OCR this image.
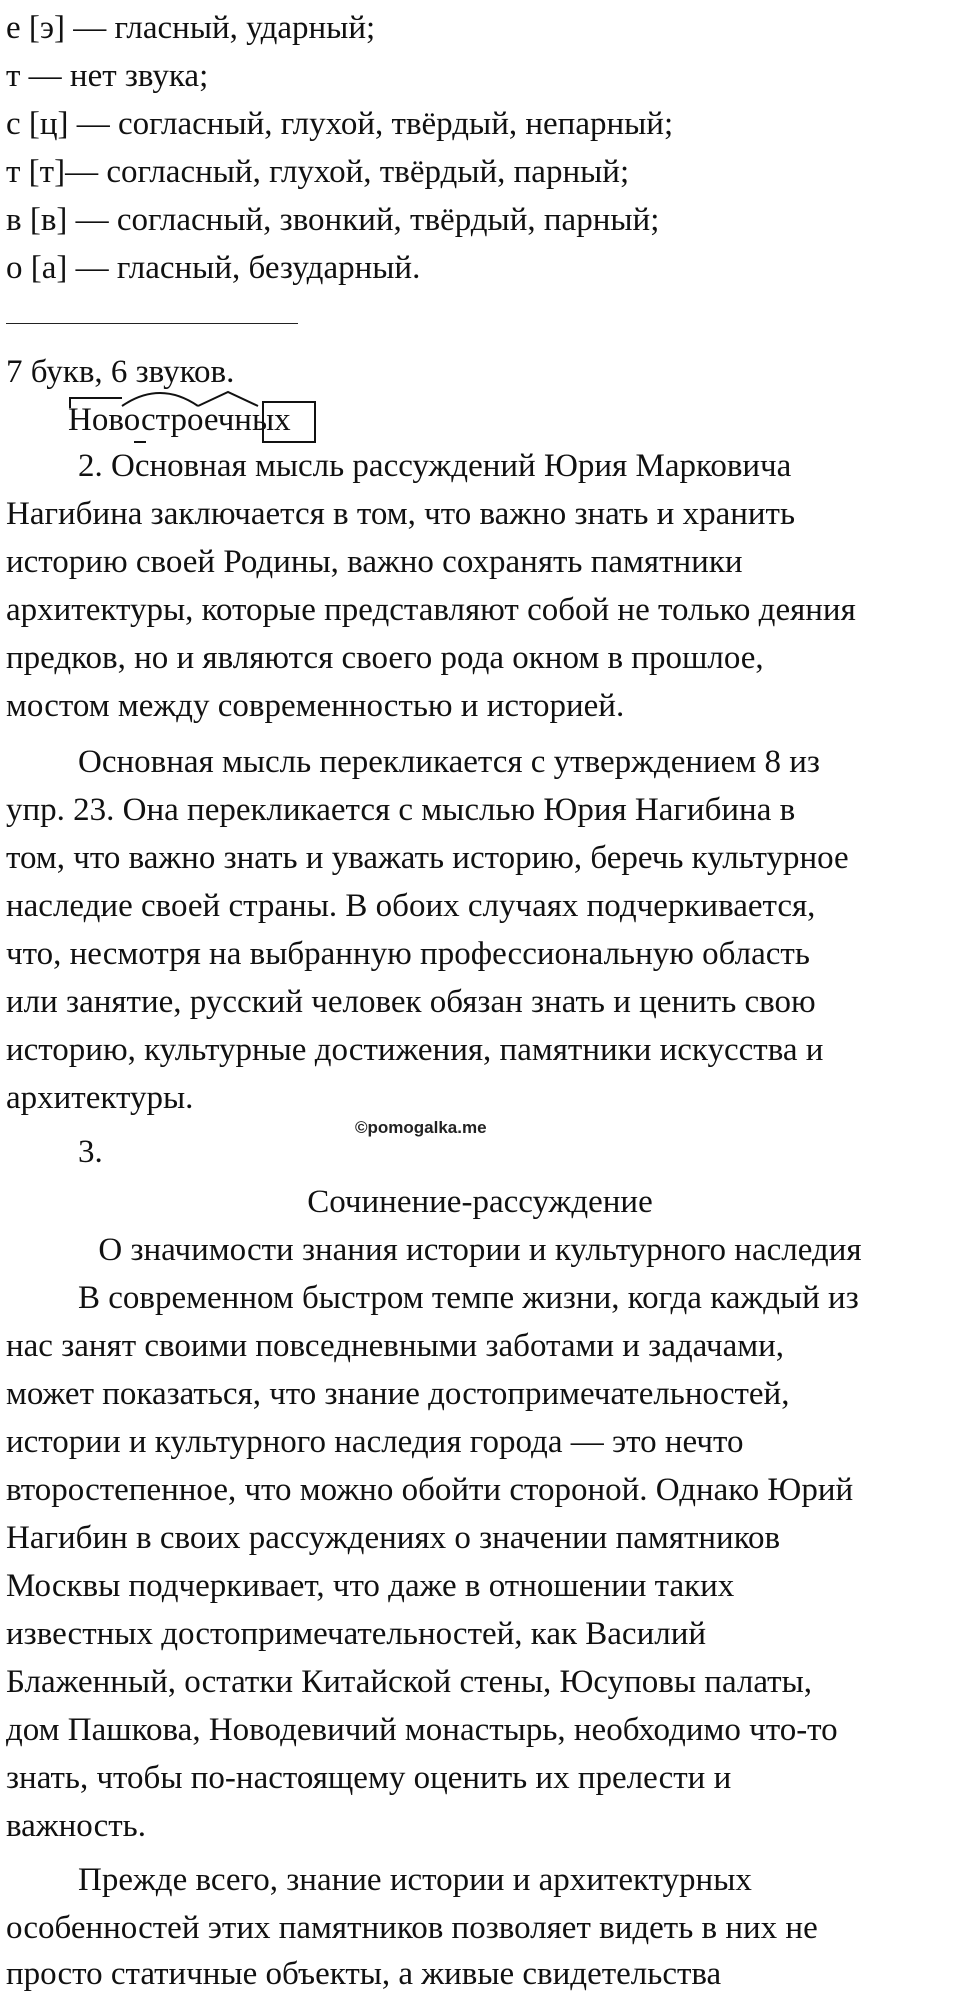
е [э] — гласный, ударный;
т — нет звука;
с [ц] — согласный, глухой, твёрдый, непарный;
т [т]— согласный, глухой, твёрдый, парный;
в [в] — согласный, звонкий, твёрдый, парный;
о [а] — гласный, безударный.
7 букв, 6 звуков.
Новостроечных
2. Основная мысль рассуждений Юрия Марковича
Нагибина заключается в том, что важно знать и хранить
историю своей Родины, важно сохранять памятники
архитектуры, которые представляют собой не только деяния
предков, но и являются своего рода окном в прошлое,
мостом между современностью и историей.
Основная мысль перекликается с утверждением 8 из
упр. 23. Она перекликается с мыслью Юрия Нагибина в
том, что важно знать и уважать историю, беречь культурное
наследие своей страны. В обоих случаях подчеркивается,
что, несмотря на выбранную профессиональную область
или занятие, русский человек обязан знать и ценить свою
историю, культурные достижения, памятники искусства и
архитектуры.
©pomogalka.me
3.
Сочинение-рассуждение
О значимости знания истории и культурного наследия
В современном быстром темпе жизни, когда каждый из
нас занят своими повседневными заботами и задачами,
может показаться, что знание достопримечательностей,
истории и культурного наследия города — это нечто
второстепенное, что можно обойти стороной. Однако Юрий
Нагибин в своих рассуждениях о значении памятников
Москвы подчеркивает, что даже в отношении таких
известных достопримечательностей, как Василий
Блаженный, остатки Китайской стены, Юсуповы палаты,
дом Пашкова, Новодевичий монастырь, необходимо что-то
знать, чтобы по-настоящему оценить их прелести и
важность.
Прежде всего, знание истории и архитектурных
особенностей этих памятников позволяет видеть в них не
просто статичные объекты, а живые свидетельства
